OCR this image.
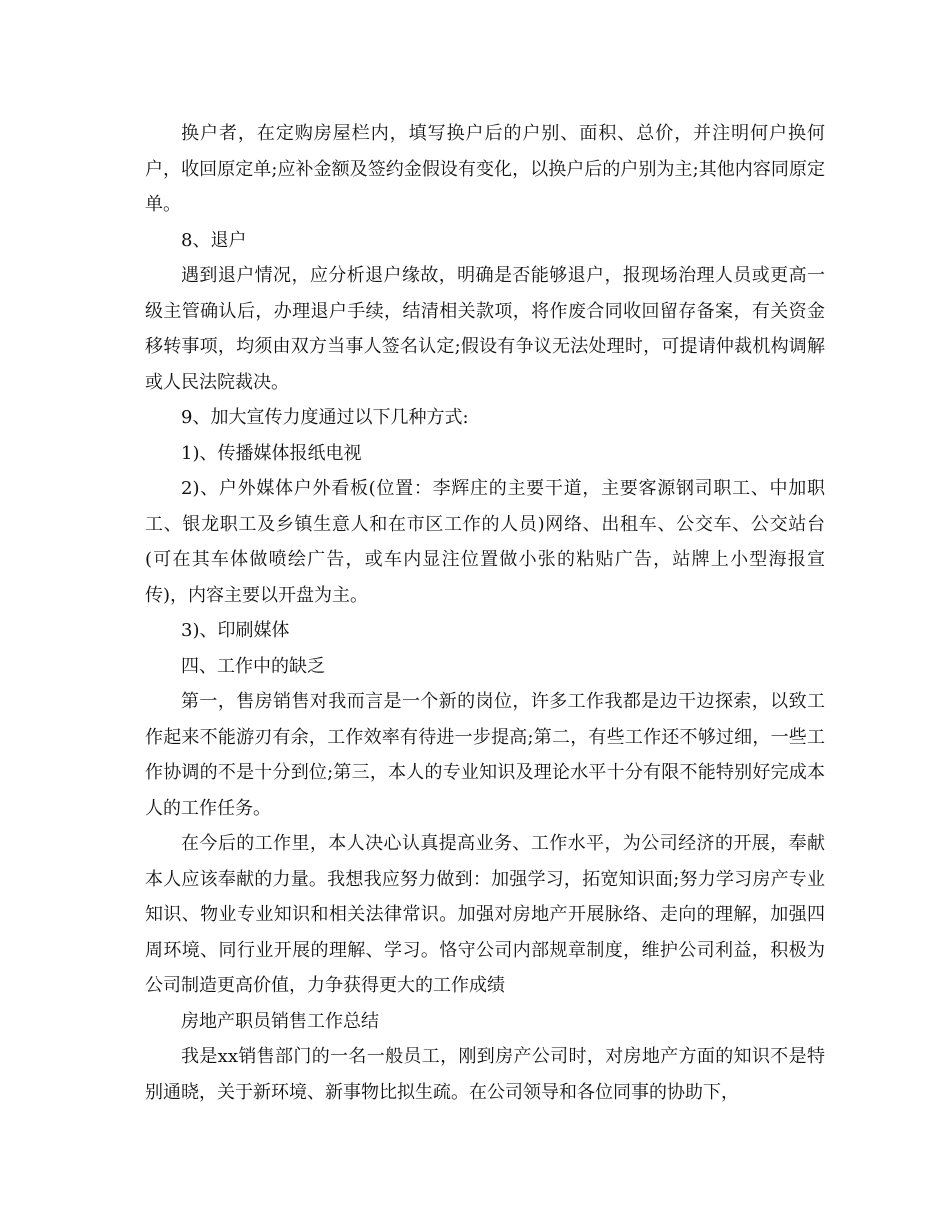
换户者，在定购房屋栏内，填写换户后的户别、面积、总价，并注明何户换何户，收回原定单;应补金额及签约金假设有变化，以换户后的户别为主;其他内容同原定单。

8、退户

遇到退户情况，应分析退户缘故，明确是否能够退户，报现场治理人员或更高一级主管确认后，办理退户手续，结清相关款项，将作废合同收回留存备案，有关资金移转事项，均须由双方当事人签名认定;假设有争议无法处理时，可提请仲裁机构调解或人民法院裁决。

9、加大宣传力度通过以下几种方式:

1)、传播媒体报纸电视

2)、户外媒体户外看板(位置：李辉庄的主要干道，主要客源钢司职工、中加职工、银龙职工及乡镇生意人和在市区工作的人员)网络、出租车、公交车、公交站台(可在其车体做喷绘广告，或车内显注位置做小张的粘贴广告，站牌上小型海报宣传)，内容主要以开盘为主。

3)、印刷媒体

四、工作中的缺乏

第一，售房销售对我而言是一个新的岗位，许多工作我都是边干边探索，以致工作起来不能游刃有余，工作效率有待进一步提高;第二，有些工作还不够过细，一些工作协调的不是十分到位;第三，本人的专业知识及理论水平十分有限不能特别好完成本人的工作任务。

在今后的工作里，本人决心认真提高业务、工作水平，为公司经济的开展，奉献本人应该奉献的力量。我想我应努力做到：加强学习，拓宽知识面;努力学习房产专业知识、物业专业知识和相关法律常识。加强对房地产开展脉络、走向的理解，加强四周环境、同行业开展的理解、学习。恪守公司内部规章制度，维护公司利益，积极为公司制造更高价值，力争获得更大的工作成绩

房地产职员销售工作总结

我是xx销售部门的一名一般员工，刚到房产公司时，对房地产方面的知识不是特别通晓，关于新环境、新事物比拟生疏。在公司领导和各位同事的协助下，
